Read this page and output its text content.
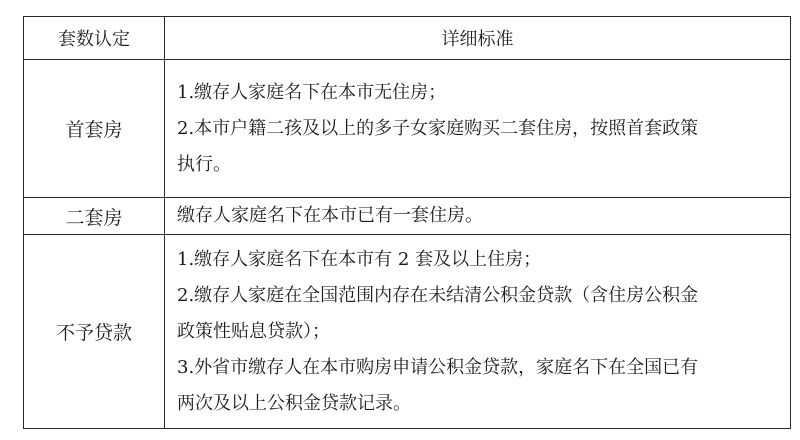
套数认定	详细标准
首套房	1.缴存人家庭名下在本市无住房；
2.本市户籍二孩及以上的多子女家庭购买二套住房，按照首套政策
执行。

二套房	缴存人家庭名下在本市已有一套住房。

不予贷款	1.缴存人家庭名下在本市有 2 套及以上住房；
2.缴存人家庭在全国范围内存在未结清公积金贷款（含住房公积金
政策性贴息贷款）；
3.外省市缴存人在本市购房申请公积金贷款，家庭名下在全国已有
两次及以上公积金贷款记录。
